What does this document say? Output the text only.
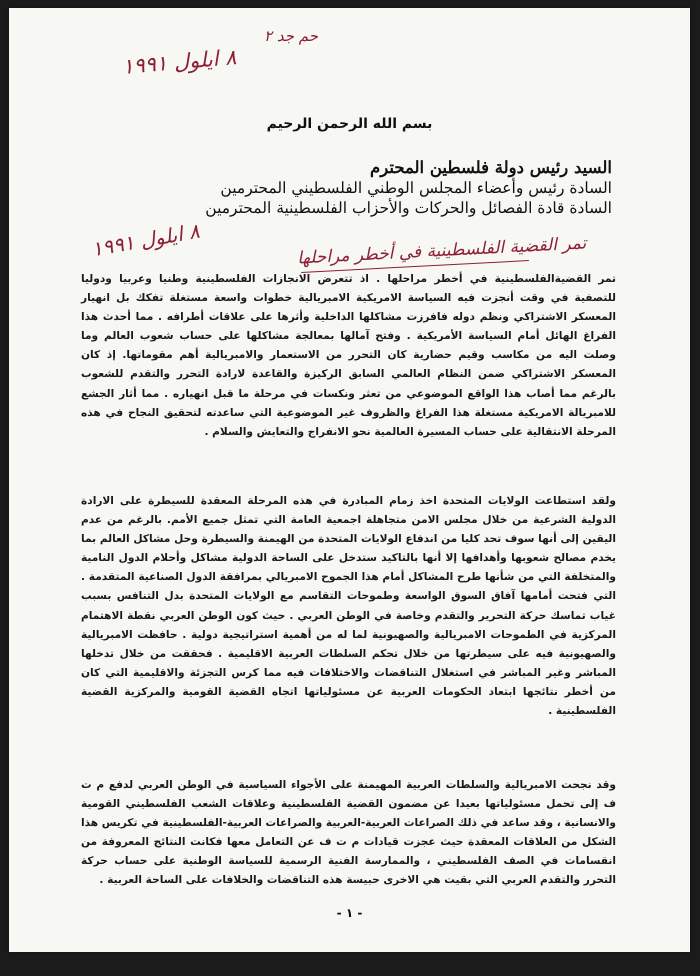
حم جد ٢
٨ ايلول ١٩٩١
بسم الله الرحمن الرحيم
السيد رئيس دولة فلسطين المحترم
السادة رئيس وأعضاء المجلس الوطني الفلسطيني المحترمين
السادة قادة الفصائل والحركات والأحزاب الفلسطينية المحترمين
٨ ايلول ١٩٩١
تمر القضية الفلسطينية في أخطر مراحلها

تمر القضيةالفلسطينية في أخطر مراحلها . اذ تتعرض الانجازات الفلسطينية وطنيا وعربيا ودوليا للتصفية في وقت أنجزت فيه السياسة الامريكية الامبريالية خطوات واسعة مستغلة تفكك بل انهيار المعسكر الاشتراكي ونظم دوله فافرزت مشاكلها الداخلية وأثرها على علاقات أطرافه . مما أحدث هذا الفراغ الهائل أمام السياسة الأمريكية . وفتح آمالها بمعالجة مشاكلها على حساب شعوب العالم وما وصلت اليه من مكاسب وقيم حضارية كان التحرر من الاستعمار والامبريالية أهم مقوماتها. إذ كان المعسكر الاشتراكي ضمن النظام العالمي السابق الركيزة والقاعدة لارادة التحرر والتقدم للشعوب بالرغم مما أصاب هذا الواقع الموضوعي من تعثر ونكسات في مرحلة ما قبل انهياره . مما أثار الجشع للامبريالة الامريكية مستغلة هذا الفراغ والظروف غير الموضوعية التي ساعدته لتحقيق النجاح في هذه المرحلة الانتقالية على حساب المسيرة العالمية نحو الانفراج والتعايش والسلام .

ولقد استطاعت الولايات المتحدة اخذ زمام المبادرة في هذه المرحلة المعقدة للسيطرة على الارادة الدولية الشرعية من خلال مجلس الامن متجاهلة اجمعية العامة التي تمثل جميع الأمم. بالرغم من عدم اليقين إلى أنها سوف تحد كليا من اندفاع الولايات المتحدة من الهيمنة والسيطرة وحل مشاكل العالم بما يخدم مصالح شعوبها وأهدافها إلا أنها بالتاكيد ستدخل على الساحة الدولية مشاكل وأحلام الدول النامية والمتخلفة التي من شأنها طرح المشاكل أمام هذا الجموح الامبريالي بمرافقة الدول الصناعية المتقدمة . التي فتحت أمامها آفاق السوق الواسعة وطموحات التقاسم مع الولايات المتحدة بدل التنافس بسبب غياب تماسك حركة التحرير والتقدم وخاصة في الوطن العربي . حيث كون الوطن العربي نقطة الاهتمام المركزية في الطموحات الامبريالية والصهيونية لما له من أهمية استراتيجية دولية . حافظت الامبريالية والصهيونية فيه على سيطرتها من خلال تحكم السلطات العربية الاقليمية . فحققت من خلال تدخلها المباشر وغير المباشر في استغلال التناقضات والاختلافات فيه مما كرس التجزئة والاقليمية التي كان من أخطر نتائجها ابتعاد الحكومات العربية عن مسئولياتها اتجاه القضية القومية والمركزية القضية الفلسطينية .

وقد نجحت الامبريالية والسلطات العربية المهيمنة على الأجواء السياسية في الوطن العربي لدفع م ت ف إلى تحمل مسئولياتها بعيدا عن مضمون القضية الفلسطينية وعلاقات الشعب الفلسطيني القومية والانسانية ، وقد ساعد في ذلك الصراعات العربية-العربية والصراعات العربية-الفلسطينية في تكريس هذا الشكل من العلاقات المعقدة حيث عجزت قيادات م ت ف عن التعامل معها فكانت النتائج المعروفة من انقسامات في الصف الفلسطيني ، والممارسة الفنية الرسمية للسياسة الوطنية على حساب حركة التحرر والتقدم العربي التي بقيت هي الاخرى حبيسة هذه التناقضات والخلافات على الساحة العربية .

- ١ -
